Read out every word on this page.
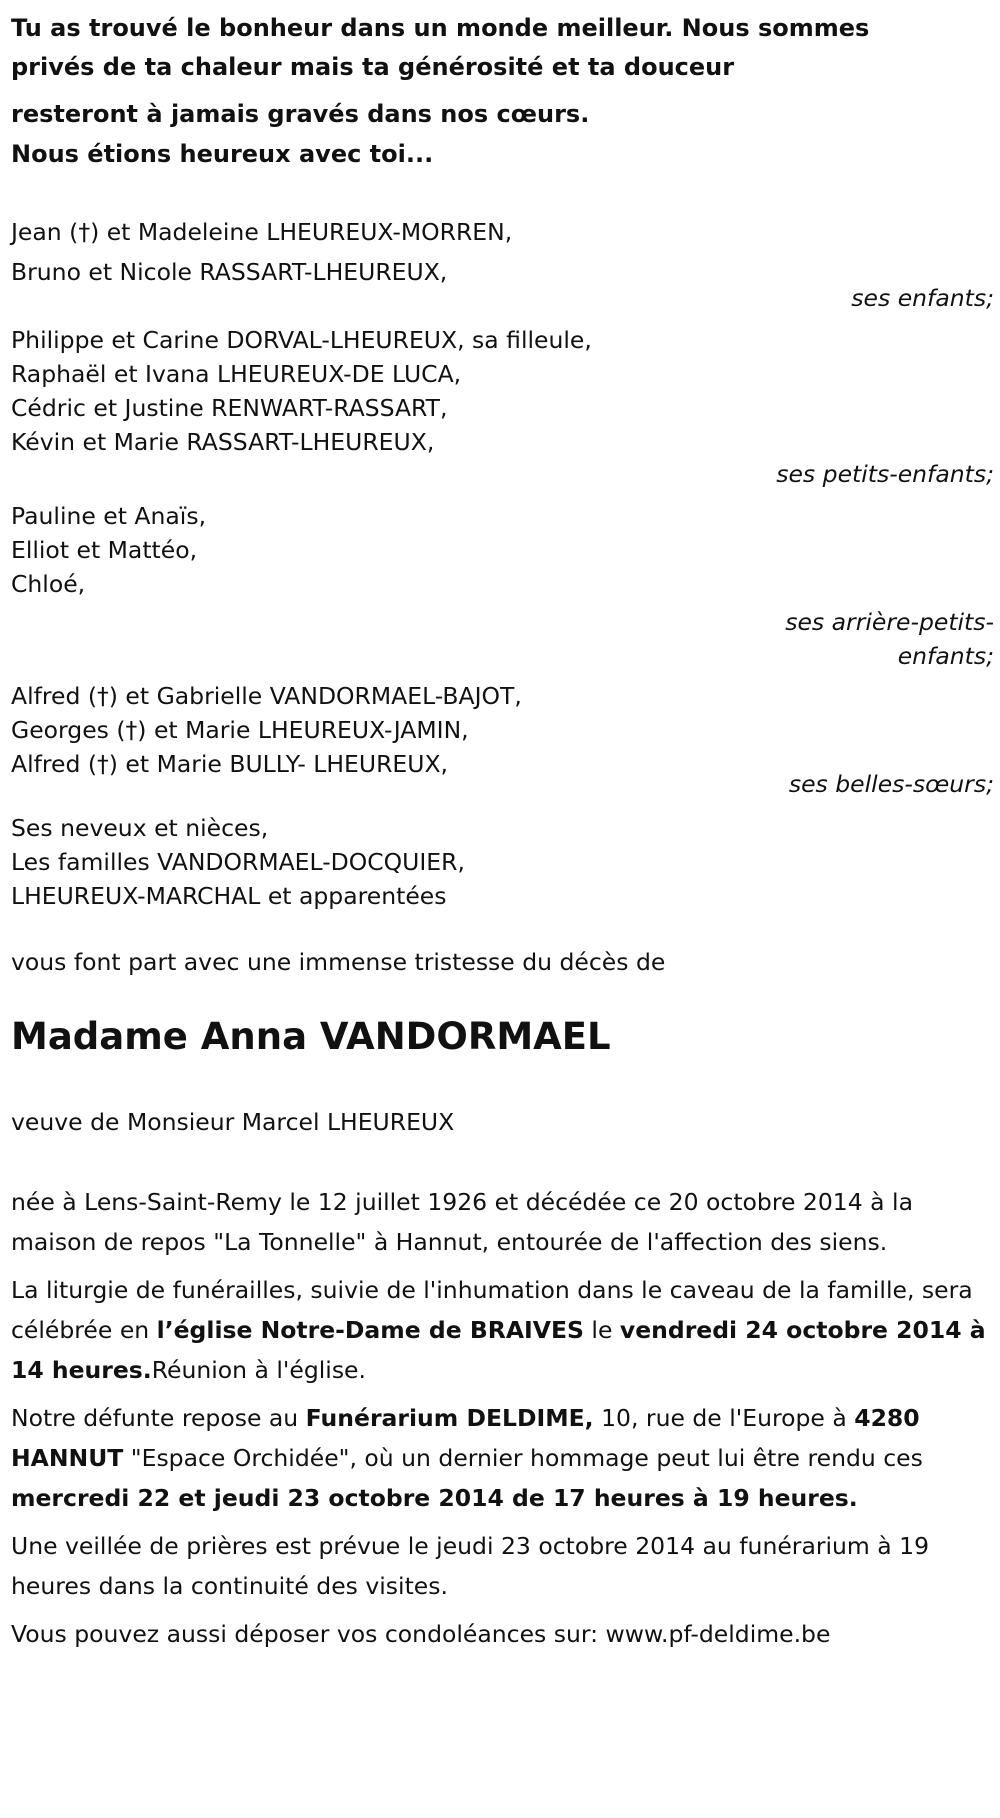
Tu as trouvé le bonheur dans un monde meilleur. Nous sommes
privés de ta chaleur mais ta générosité et ta douceur
resteront à jamais gravés dans nos cœurs.
Nous étions heureux avec toi...
Jean (†) et Madeleine LHEUREUX-MORREN,
Bruno et Nicole RASSART-LHEUREUX,
ses enfants;
Philippe et Carine DORVAL-LHEUREUX, sa filleule,
Raphaël et Ivana LHEUREUX-DE LUCA,
Cédric et Justine RENWART-RASSART,
Kévin et Marie RASSART-LHEUREUX,
ses petits-enfants;
Pauline et Anaïs,
Elliot et Mattéo,
Chloé,
ses arrière-petits-
enfants;
Alfred (†) et Gabrielle VANDORMAEL-BAJOT,
Georges (†) et Marie LHEUREUX-JAMIN,
Alfred (†) et Marie BULLY- LHEUREUX,
ses belles-sœurs;
Ses neveux et nièces,
Les familles VANDORMAEL-DOCQUIER,
LHEUREUX-MARCHAL et apparentées
vous font part avec une immense tristesse du décès de
Madame Anna VANDORMAEL
veuve de Monsieur Marcel LHEUREUX
née à Lens-Saint-Remy le 12 juillet 1926 et décédée ce 20 octobre 2014 à la maison de repos "La Tonnelle" à Hannut, entourée de l'affection des siens.
La liturgie de funérailles, suivie de l'inhumation dans le caveau de la famille, sera célébrée en l’église Notre-Dame de BRAIVES le vendredi 24 octobre 2014 à 14 heures.Réunion à l'église.
Notre défunte repose au Funérarium DELDIME, 10, rue de l'Europe à 4280 HANNUT "Espace Orchidée", où un dernier hommage peut lui être rendu ces mercredi 22 et jeudi 23 octobre 2014 de 17 heures à 19 heures.
Une veillée de prières est prévue le jeudi 23 octobre 2014 au funérarium à 19 heures dans la continuité des visites.
Vous pouvez aussi déposer vos condoléances sur: www.pf-deldime.be
